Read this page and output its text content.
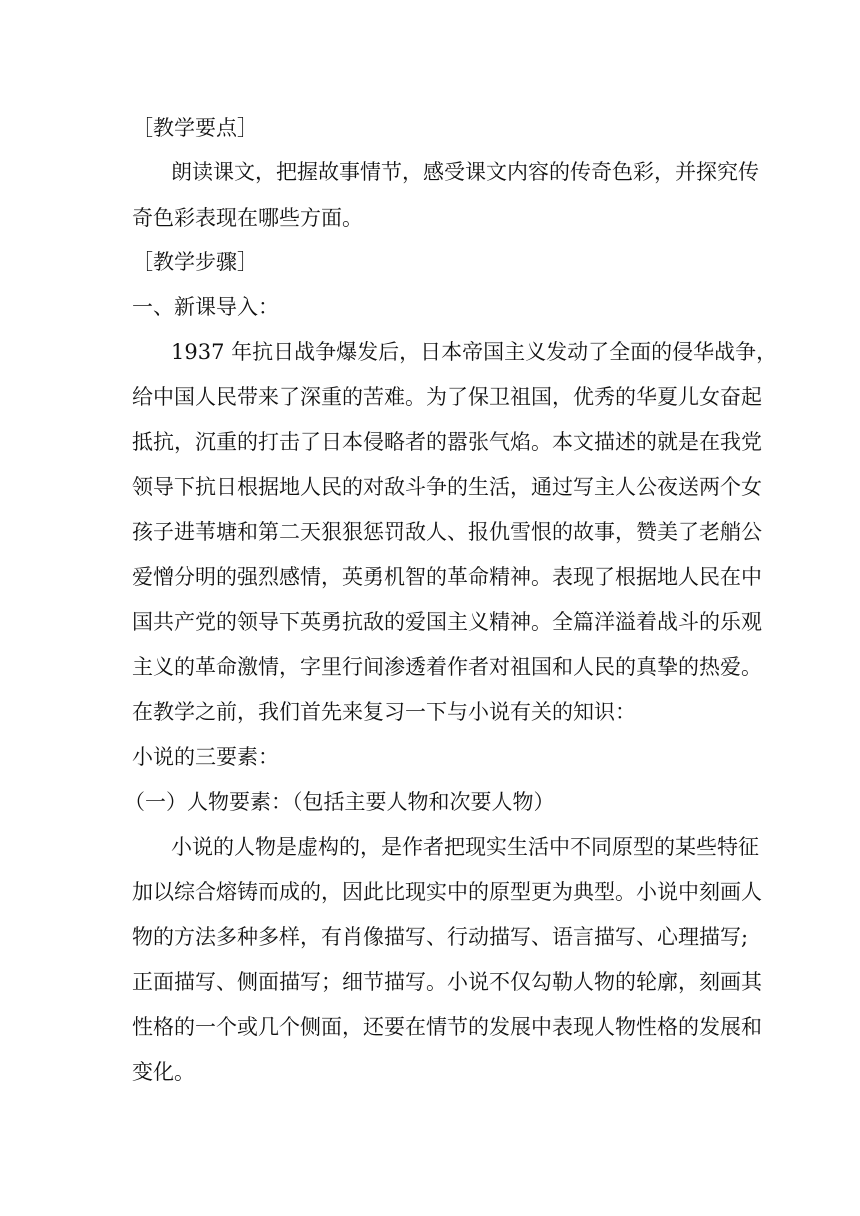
［教学要点］
朗读课文，把握故事情节，感受课文内容的传奇色彩，并探究传
奇色彩表现在哪些方面。
［教学步骤］
一、新课导入：
1937 年抗日战争爆发后，日本帝国主义发动了全面的侵华战争，
给中国人民带来了深重的苦难。为了保卫祖国，优秀的华夏儿女奋起
抵抗，沉重的打击了日本侵略者的嚣张气焰。本文描述的就是在我党
领导下抗日根据地人民的对敌斗争的生活，通过写主人公夜送两个女
孩子进苇塘和第二天狠狠惩罚敌人、报仇雪恨的故事，赞美了老艄公
爱憎分明的强烈感情，英勇机智的革命精神。表现了根据地人民在中
国共产党的领导下英勇抗敌的爱国主义精神。全篇洋溢着战斗的乐观
主义的革命激情，字里行间渗透着作者对祖国和人民的真挚的热爱。
在教学之前，我们首先来复习一下与小说有关的知识：
小说的三要素：
（一）人物要素：（包括主要人物和次要人物）
小说的人物是虚构的，是作者把现实生活中不同原型的某些特征
加以综合熔铸而成的，因此比现实中的原型更为典型。小说中刻画人
物的方法多种多样，有肖像描写、行动描写、语言描写、心理描写;
正面描写、侧面描写；细节描写。小说不仅勾勒人物的轮廓，刻画其
性格的一个或几个侧面，还要在情节的发展中表现人物性格的发展和
变化。
